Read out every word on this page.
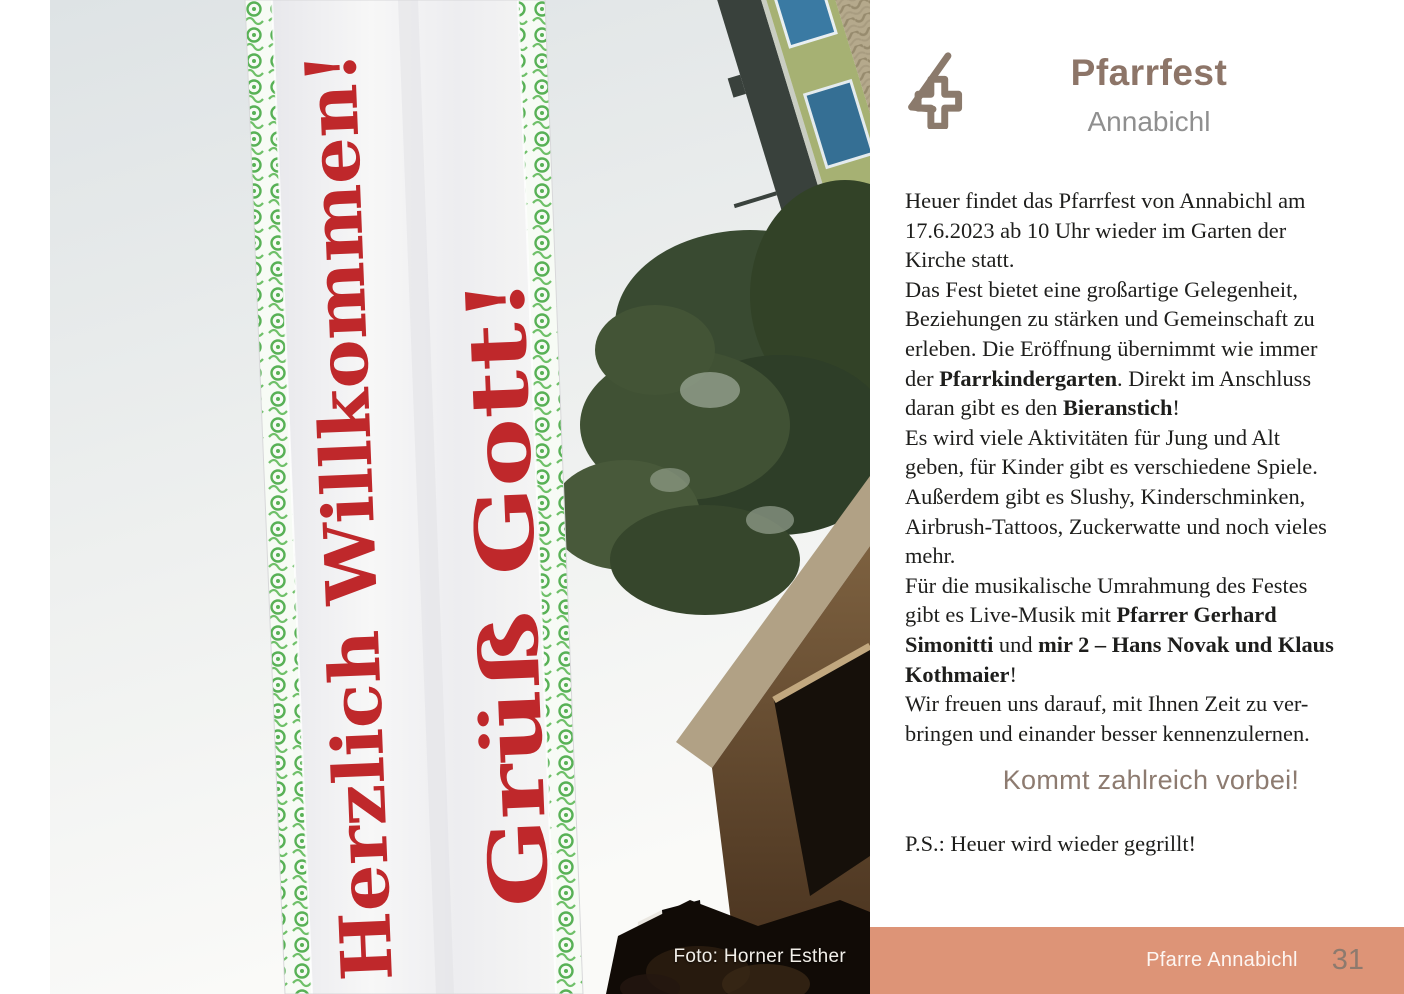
Herzlich Willkommen! Grüß Gott!
Foto: Horner Esther
Pfarrfest
Annabichl
Heuer findet das Pfarrfest von Annabichl am
17.6.2023 ab 10 Uhr wieder im Garten der
Kirche statt.
Das Fest bietet eine großartige Gelegenheit,
Beziehungen zu stärken und Gemeinschaft zu
erleben. Die Eröffnung übernimmt wie immer
der Pfarrkindergarten. Direkt im Anschluss
daran gibt es den Bieranstich!
Es wird viele Aktivitäten für Jung und Alt
geben, für Kinder gibt es verschiedene Spiele.
Außerdem gibt es Slushy, Kinderschminken,
Airbrush-Tattoos, Zuckerwatte und noch vieles
mehr.
Für die musikalische Umrahmung des Festes
gibt es Live-Musik mit Pfarrer Gerhard
Simonitti und mir 2 – Hans Novak und Klaus
Kothmaier!
Wir freuen uns darauf, mit Ihnen Zeit zu ver-
bringen und einander besser kennenzulernen.
Kommt zahlreich vorbei!
P.S.: Heuer wird wieder gegrillt!
Pfarre Annabichl 31
